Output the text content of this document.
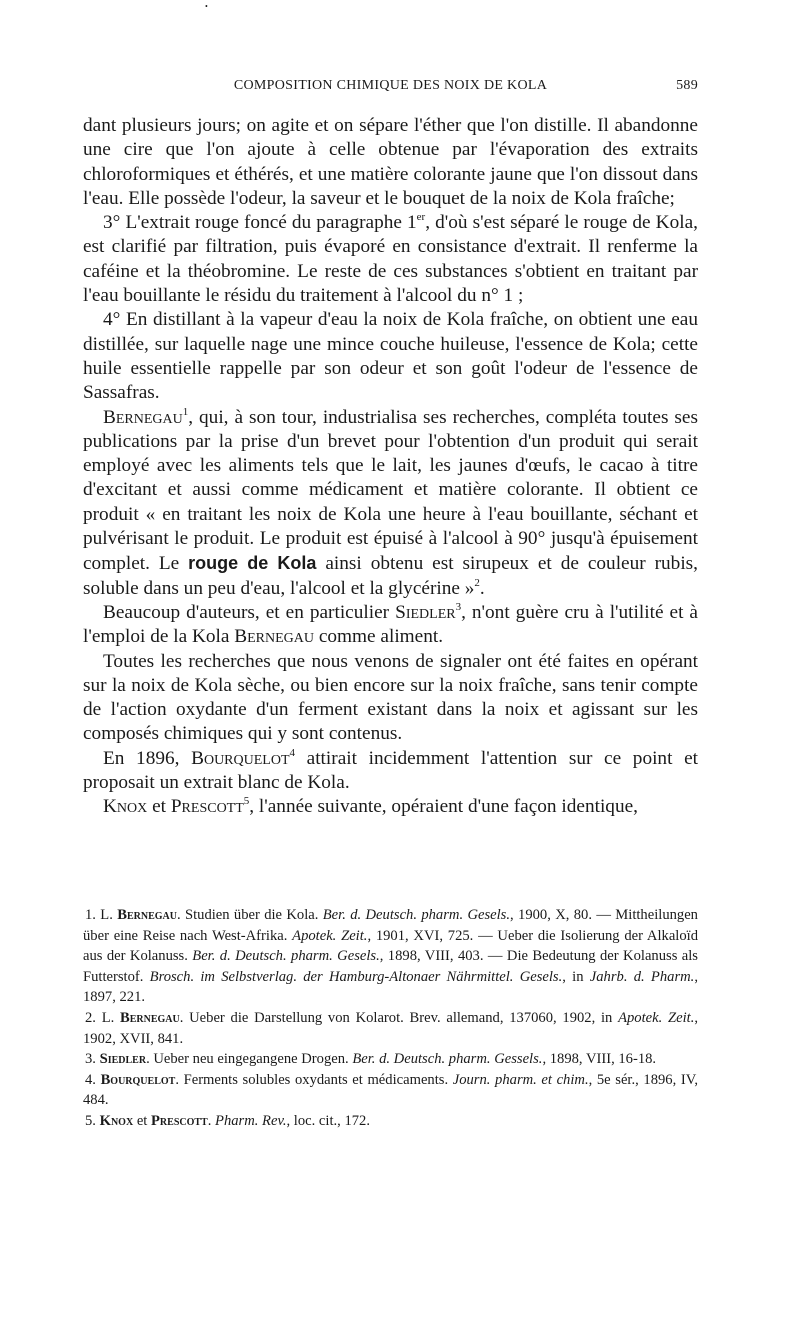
•
COMPOSITION CHIMIQUE DES NOIX DE KOLA	589

dant plusieurs jours; on agite et on sépare l'éther que l'on distille. Il abandonne une cire que l'on ajoute à celle obtenue par l'évaporation des extraits chloroformiques et éthérés, et une matière colorante jaune que l'on dissout dans l'eau. Elle possède l'odeur, la saveur et le bouquet de la noix de Kola fraîche;

3° L'extrait rouge foncé du paragraphe 1er, d'où s'est séparé le rouge de Kola, est clarifié par filtration, puis évaporé en consistance d'extrait. Il renferme la caféine et la théobromine. Le reste de ces substances s'obtient en traitant par l'eau bouillante le résidu du traitement à l'alcool du n° 1 ;

4° En distillant à la vapeur d'eau la noix de Kola fraîche, on obtient une eau distillée, sur laquelle nage une mince couche huileuse, l'essence de Kola; cette huile essentielle rappelle par son odeur et son goût l'odeur de l'essence de Sassafras.

Bernegau$^1$, qui, à son tour, industrialisa ses recherches, compléta toutes ses publications par la prise d'un brevet pour l'obtention d'un produit qui serait employé avec les aliments tels que le lait, les jaunes d'œufs, le cacao à titre d'excitant et aussi comme médicament et matière colorante. Il obtient ce produit « en traitant les noix de Kola une heure à l'eau bouillante, séchant et pulvérisant le produit. Le produit est épuisé à l'alcool à 90° jusqu'à épuisement complet. Le rouge de Kola ainsi obtenu est sirupeux et de couleur rubis, soluble dans un peu d'eau, l'alcool et la glycérine »$^2$.

Beaucoup d'auteurs, et en particulier Siedler$^3$, n'ont guère cru à l'utilité et à l'emploi de la Kola Bernegau comme aliment.

Toutes les recherches que nous venons de signaler ont été faites en opérant sur la noix de Kola sèche, ou bien encore sur la noix fraîche, sans tenir compte de l'action oxydante d'un ferment existant dans la noix et agissant sur les composés chimiques qui y sont contenus.

En 1896, Bourquelot$^4$ attirait incidemment l'attention sur ce point et proposait un extrait blanc de Kola.

Knox et Prescott$^5$, l'année suivante, opéraient d'une façon identique,

1. L. Bernegau. Studien über die Kola. Ber. d. Deutsch. pharm. Gesels., 1900, X, 80. — Mittheilungen über eine Reise nach West-Afrika. Apotek. Zeit., 1901, XVI, 725. — Ueber die Isolierung der Alkaloïd aus der Kolanuss. Ber. d. Deutsch. pharm. Gesels., 1898, VIII, 403. — Die Bedeutung der Kolanuss als Futterstof. Brosch. im Selbstverlag. der Hamburg-Altonaer Nährmittel. Gesels., in Jahrb. d. Pharm., 1897, 221.

2. L. Bernegau. Ueber die Darstellung von Kolarot. Brev. allemand, 137060, 1902, in Apotek. Zeit., 1902, XVII, 841.

3. Siedler. Ueber neu eingegangene Drogen. Ber. d. Deutsch. pharm. Gessels., 1898, VIII, 16-18.

4. Bourquelot. Ferments solubles oxydants et médicaments. Journ. pharm. et chim., 5e sér., 1896, IV, 484.

5. Knox et Prescott. Pharm. Rev., loc. cit., 172.
